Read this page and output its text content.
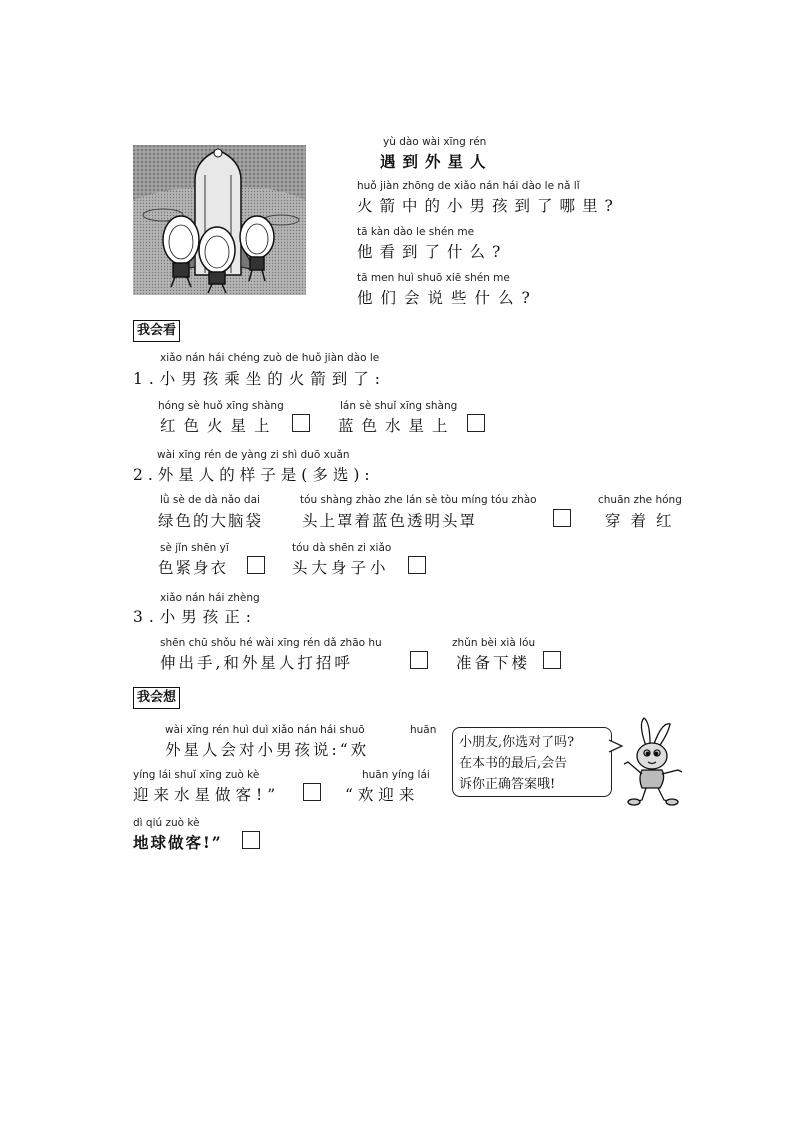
yù dào wài xīng rén
遇到外星人
huǒ jiàn zhōng de xiǎo nán hái dào le nǎ lǐ
火箭中的小男孩到了哪里?
tā kàn dào le shén me
他看到了什么?
tā men huì shuō xiē shén me
他们会说些什么?
我会看
xiǎo nán hái chéng zuò de huǒ jiàn dào le
1.小男孩乘坐的火箭到了:
hóng sè huǒ xīng shàng
红色火星上
lán sè shuǐ xīng shàng
蓝色水星上
wài xīng rén de yàng zi shì duō xuǎn
2.外星人的样子是(多选):
lǜ sè de dà nǎo dai
绿色的大脑袋
tóu shàng zhào zhe lán sè tòu míng tóu zhào
头上罩着蓝色透明头罩
chuān zhe hóng
穿着红
sè jǐn shēn yī
色紧身衣
tóu dà shēn zi xiǎo
头大身子小
xiǎo nán hái zhèng
3.小男孩正:
shēn chū shǒu hé wài xīng rén dǎ zhāo hu
伸出手,和外星人打招呼
zhǔn bèi xià lóu
准备下楼
我会想
wài xīng rén huì duì xiǎo nán hái shuō	huān
外星人会对小男孩说:“欢
yíng lái shuǐ xīng zuò kè
迎来水星做客!”
huān yíng lái
“欢迎来
dì qiú zuò kè
地球做客!”
小朋友,你选对了吗?
在本书的最后,会告
诉你正确答案哦!
